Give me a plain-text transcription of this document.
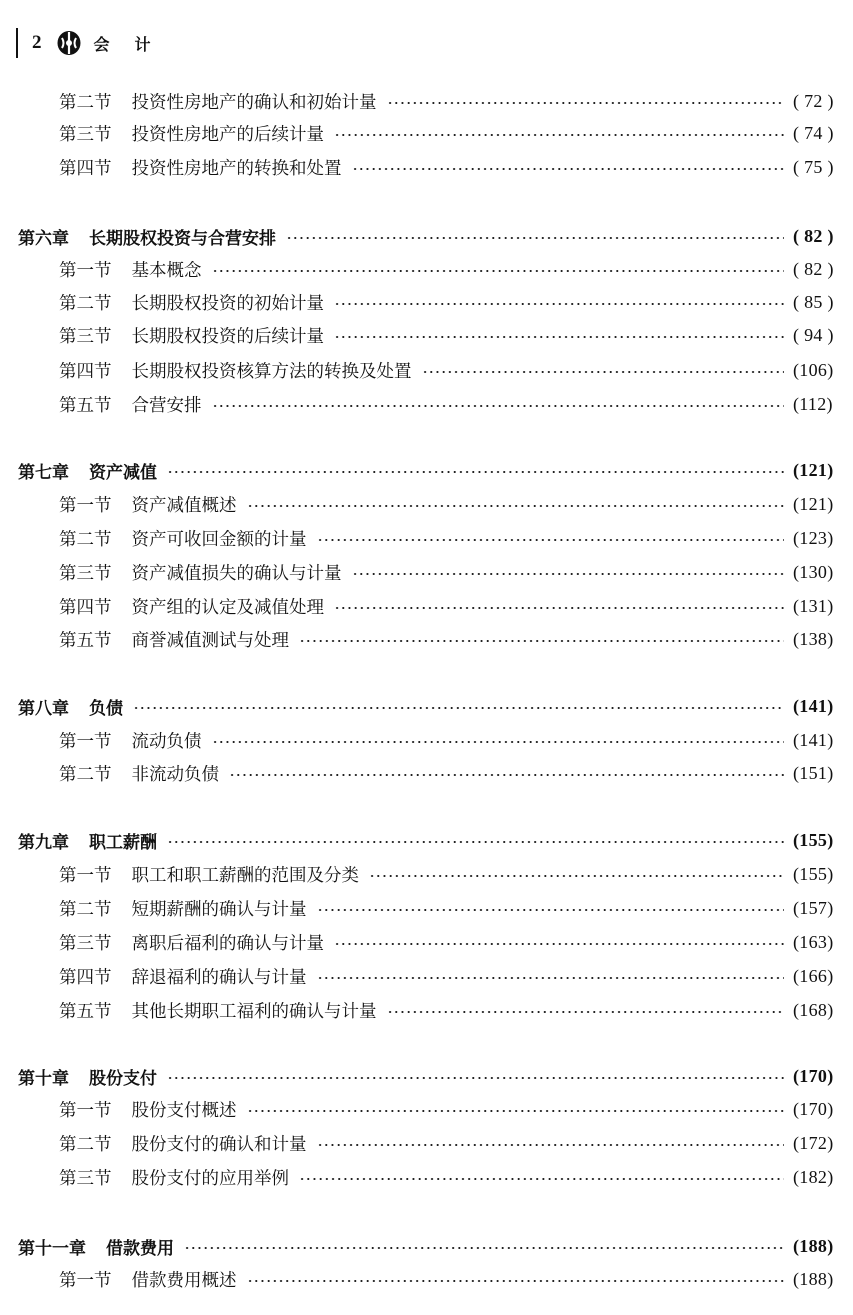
2	会 计
第二节 投资性房地产的确认和初始计量	( 72 )
第三节 投资性房地产的后续计量	( 74 )
第四节 投资性房地产的转换和处置	( 75 )
第六章 长期股权投资与合营安排	( 82 )
第一节 基本概念	( 82 )
第二节 长期股权投资的初始计量	( 85 )
第三节 长期股权投资的后续计量	( 94 )
第四节 长期股权投资核算方法的转换及处置	(106)
第五节 合营安排	(112)
第七章 资产减值	(121)
第一节 资产减值概述	(121)
第二节 资产可收回金额的计量	(123)
第三节 资产减值损失的确认与计量	(130)
第四节 资产组的认定及减值处理	(131)
第五节 商誉减值测试与处理	(138)
第八章 负债	(141)
第一节 流动负债	(141)
第二节 非流动负债	(151)
第九章 职工薪酬	(155)
第一节 职工和职工薪酬的范围及分类	(155)
第二节 短期薪酬的确认与计量	(157)
第三节 离职后福利的确认与计量	(163)
第四节 辞退福利的确认与计量	(166)
第五节 其他长期职工福利的确认与计量	(168)
第十章 股份支付	(170)
第一节 股份支付概述	(170)
第二节 股份支付的确认和计量	(172)
第三节 股份支付的应用举例	(182)
第十一章 借款费用	(188)
第一节 借款费用概述	(188)
